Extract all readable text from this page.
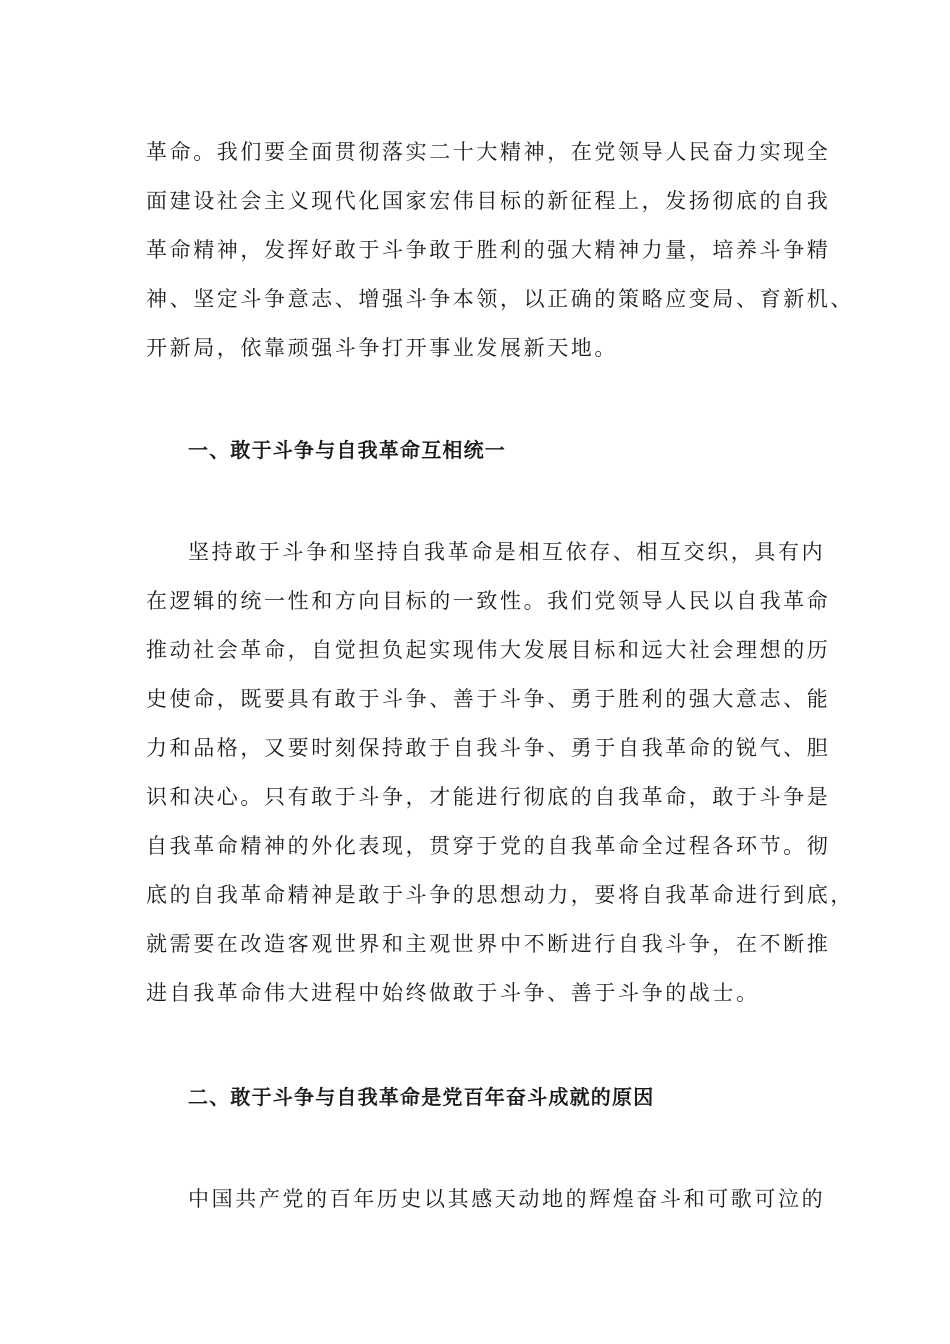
革命。我们要全面贯彻落实二十大精神，在党领导人民奋力实现全
面建设社会主义现代化国家宏伟目标的新征程上，发扬彻底的自我
革命精神，发挥好敢于斗争敢于胜利的强大精神力量，培养斗争精
神、坚定斗争意志、增强斗争本领，以正确的策略应变局、育新机、
开新局，依靠顽强斗争打开事业发展新天地。
一、敢于斗争与自我革命互相统一
坚持敢于斗争和坚持自我革命是相互依存、相互交织，具有内
在逻辑的统一性和方向目标的一致性。我们党领导人民以自我革命
推动社会革命，自觉担负起实现伟大发展目标和远大社会理想的历
史使命，既要具有敢于斗争、善于斗争、勇于胜利的强大意志、能
力和品格，又要时刻保持敢于自我斗争、勇于自我革命的锐气、胆
识和决心。只有敢于斗争，才能进行彻底的自我革命，敢于斗争是
自我革命精神的外化表现，贯穿于党的自我革命全过程各环节。彻
底的自我革命精神是敢于斗争的思想动力，要将自我革命进行到底，
就需要在改造客观世界和主观世界中不断进行自我斗争，在不断推
进自我革命伟大进程中始终做敢于斗争、善于斗争的战士。
二、敢于斗争与自我革命是党百年奋斗成就的原因
中国共产党的百年历史以其感天动地的辉煌奋斗和可歌可泣的
